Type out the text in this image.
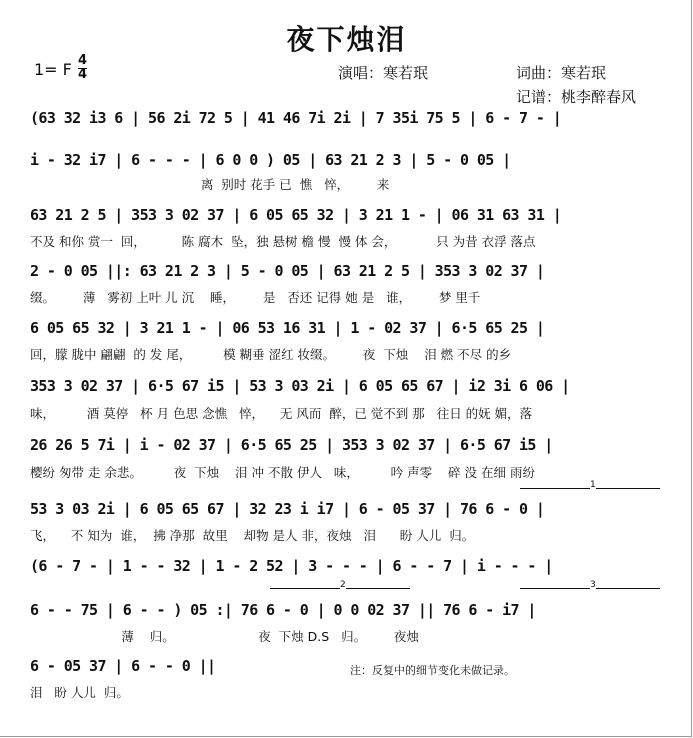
夜下烛泪
1= F 4
4	演唱：寒若珉	词曲：寒若珉
记谱：桃李醉春风
(63 32 i3 6 | 56 2i 72 5 | 41 46 7i 2i | 7 35i 75 5 | 6 - 7 - |
i - 32 i7 | 6 - - - | 6 0 0 ) 05 | 63 21 2 3 | 5 - 0 05 |
离  别时 花手 已  憔   悴，       来
63 21 2 5 | 353 3 02 37 | 6 05 65 32 | 3 21 1 - | 06 31 63 31 |
不及 和你 赏一  回，         陈 腐木  坠，独 悬树 檐 慢  慢 体 会，          只 为昔 衣浮 落点
2 - 0 05 ||: 63 21 2 3 | 5 - 0 05 | 63 21 2 5 | 353 3 02 37 |
缀。       薄   雾初 上叶 儿 沉    睡，       是   否还 记得 她 是   谁，       梦 里千
6 05 65 32 | 3 21 1 - | 06 53 16 31 | 1 - 02 37 | 6·5 65 25 |
回，朦 胧中 翩翩  的 发 尾，        模 糊垂 涩红 妆缀。       夜  下烛    泪 燃 不尽 的乡
353 3 02 37 | 6·5 67 i5 | 53 3 03 2i | 6 05 65 67 | i2 3i 6 06 |
味，        酒 莫停   杯 月 色思 念憔   悴，    无 风而  醉，已 觉不到 那   往日 的妩 媚，落
26 26 5 7i | i - 02 37 | 6·5 65 25 | 353 3 02 37 | 6·5 67 i5 |
樱纷 匆带 走 余悲。        夜  下烛    泪 冲 不散 伊人   味，        吟 声零    碎 没 在细 雨纷
1
53 3 03 2i | 6 05 65 67 | 32 23 i i7 | 6 - 05 37 | 76 6 - 0 |
飞，    不 知为  谁，  拂 净那  故里    却物 是人 非，夜烛   泪      盼 人儿  归。
(6 - 7 - | 1 - - 32 | 1 - 2 52 | 3 - - - | 6 - - 7 | i - - - |
2	3
6 - - 75 | 6 - - ) 05 :| 76 6 - 0 | 0 0 02 37 || 76 6 - i7 |
薄    归。                     夜  下烛 D.S   归。       夜烛
6 - 05 37 | 6 - - 0 ||
泪   盼 人儿  归。
注：反复中的细节变化未做记录。
